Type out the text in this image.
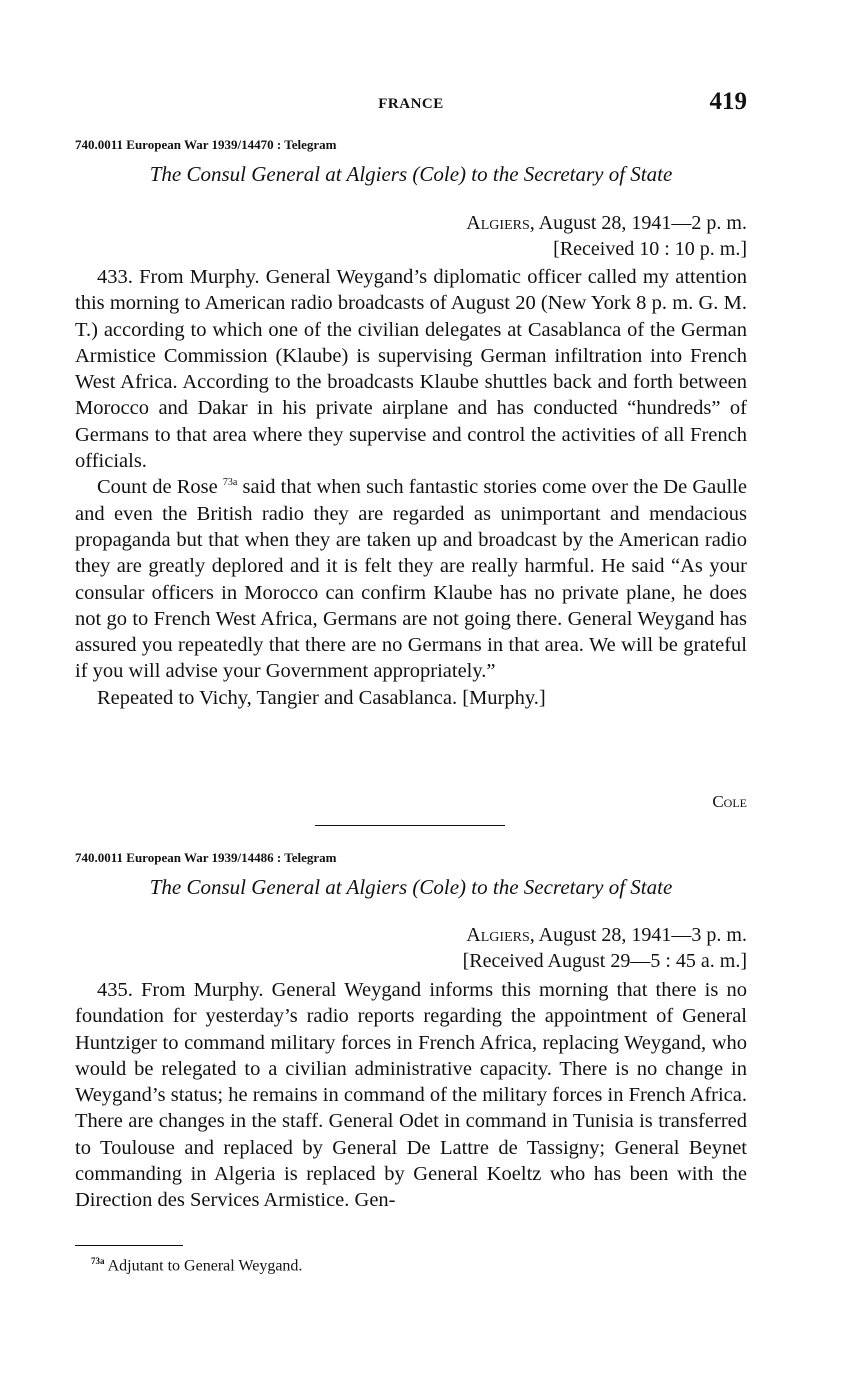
FRANCE	419
740.0011 European War 1939/14470 : Telegram
The Consul General at Algiers (Cole) to the Secretary of State
Algiers, August 28, 1941—2 p. m.
[Received 10 : 10 p. m.]

433. From Murphy. General Weygand’s diplomatic officer called my attention this morning to American radio broadcasts of August 20 (New York 8 p. m. G. M. T.) according to which one of the civilian delegates at Casablanca of the German Armistice Commission (Klaube) is supervising German infiltration into French West Africa. According to the broadcasts Klaube shuttles back and forth between Morocco and Dakar in his private airplane and has conducted “hundreds” of Germans to that area where they supervise and control the activities of all French officials.

Count de Rose $^{73a}$ said that when such fantastic stories come over the De Gaulle and even the British radio they are regarded as unimportant and mendacious propaganda but that when they are taken up and broadcast by the American radio they are greatly deplored and it is felt they are really harmful. He said “As your consular officers in Morocco can confirm Klaube has no private plane, he does not go to French West Africa, Germans are not going there. General Weygand has assured you repeatedly that there are no Germans in that area. We will be grateful if you will advise your Government appropriately.”

Repeated to Vichy, Tangier and Casablanca. [Murphy.]

Cole
740.0011 European War 1939/14486 : Telegram
The Consul General at Algiers (Cole) to the Secretary of State
Algiers, August 28, 1941—3 p. m.
[Received August 29—5 : 45 a. m.]

435. From Murphy. General Weygand informs this morning that there is no foundation for yesterday’s radio reports regarding the appointment of General Huntziger to command military forces in French Africa, replacing Weygand, who would be relegated to a civilian administrative capacity. There is no change in Weygand’s status; he remains in command of the military forces in French Africa. There are changes in the staff. General Odet in command in Tunisia is transferred to Toulouse and replaced by General De Lattre de Tassigny; General Beynet commanding in Algeria is replaced by General Koeltz who has been with the Direction des Services Armistice. Gen-

$^{73a}$ Adjutant to General Weygand.
